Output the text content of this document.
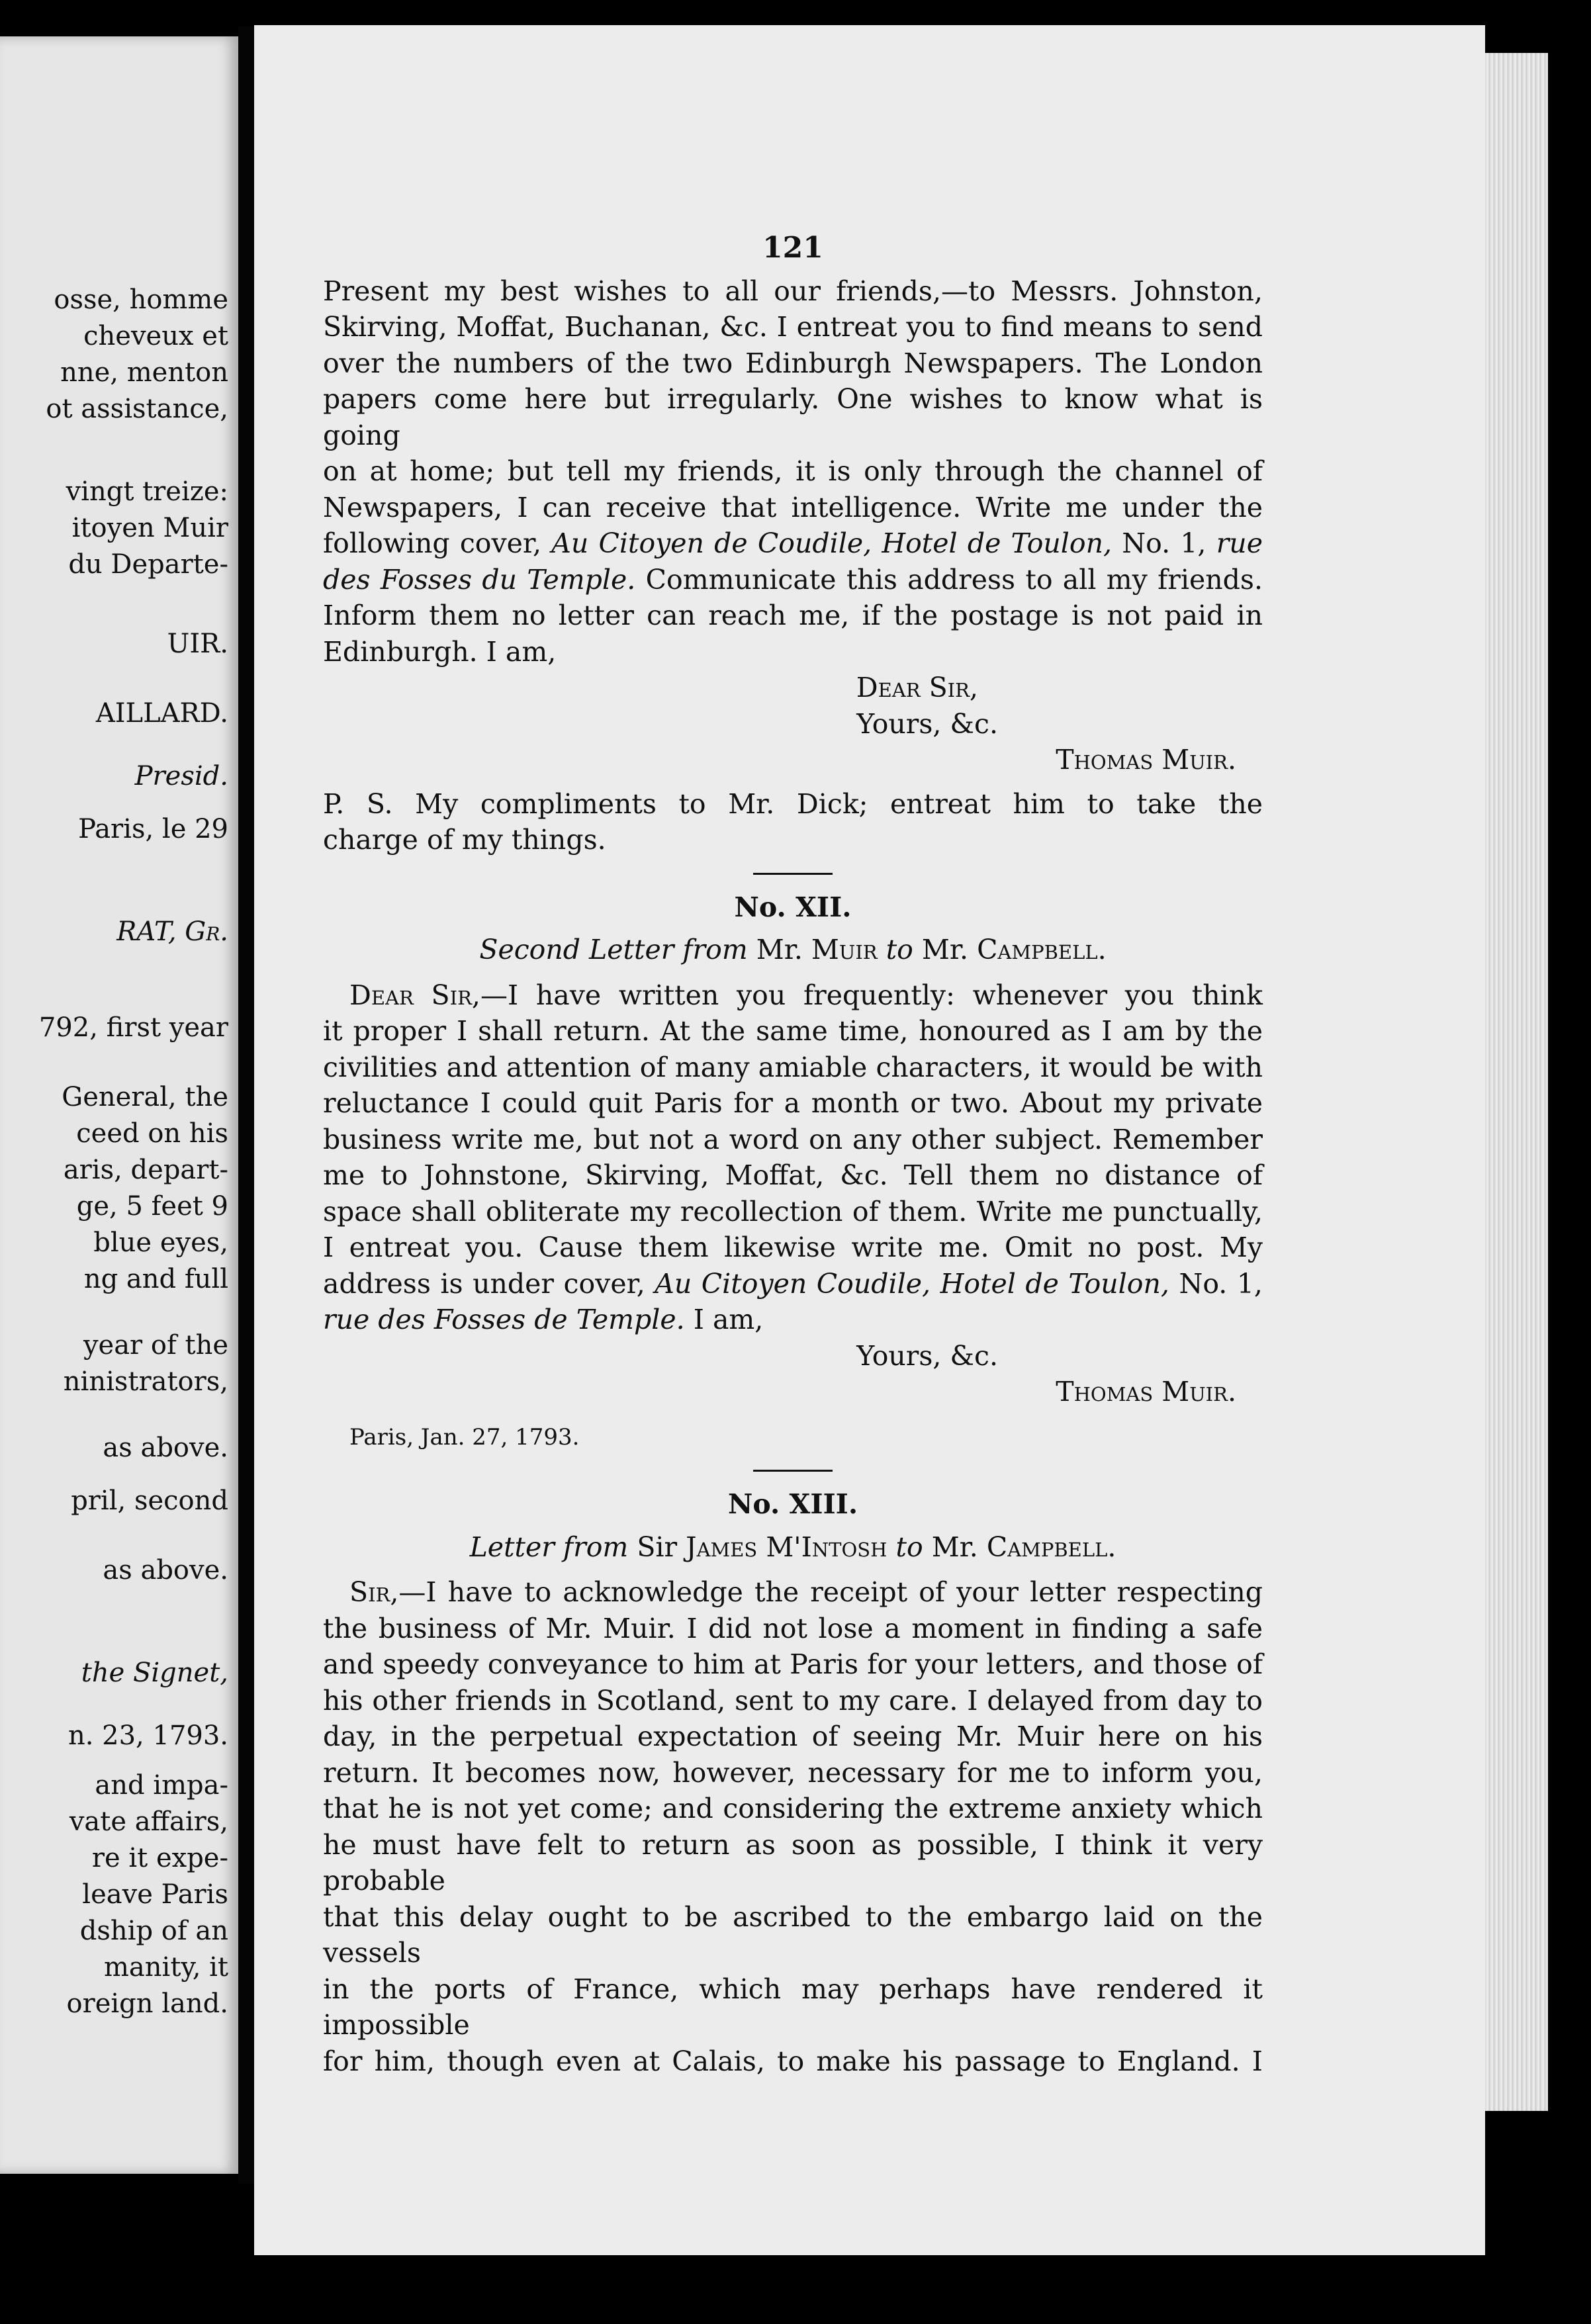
osse, homme
cheveux et
nne, menton
ot assistance,
vingt treize:
itoyen Muir
du Departe-
UIR.
AILLARD.
Presid.
Paris, le 29
RAT, Gr.
792, first year
General, the
ceed on his
aris, depart-
ge, 5 feet 9
blue eyes,
ng and full
year of the
ninistrators,
as above.
pril, second
as above.
the Signet,
n. 23, 1793.
and impa-
vate affairs,
re it expe-
leave Paris
dship of an
manity, it
oreign land.
121
Present my best wishes to all our friends,—to Messrs. Johnston,
Skirving, Moffat, Buchanan, &c. I entreat you to find means to send
over the numbers of the two Edinburgh Newspapers. The London
papers come here but irregularly. One wishes to know what is going
on at home; but tell my friends, it is only through the channel of
Newspapers, I can receive that intelligence. Write me under the
following cover, Au Citoyen de Coudile, Hotel de Toulon, No. 1, rue
des Fosses du Temple. Communicate this address to all my friends.
Inform them no letter can reach me, if the postage is not paid in
Edinburgh. I am,
Dear Sir,
Yours, &c.
Thomas Muir.
P. S. My compliments to Mr. Dick; entreat him to take the
charge of my things.
No. XII.
Second Letter from Mr. Muir to Mr. Campbell.
Dear Sir,—I have written you frequently: whenever you think
it proper I shall return. At the same time, honoured as I am by the
civilities and attention of many amiable characters, it would be with
reluctance I could quit Paris for a month or two. About my private
business write me, but not a word on any other subject. Remember
me to Johnstone, Skirving, Moffat, &c. Tell them no distance of
space shall obliterate my recollection of them. Write me punctually,
I entreat you. Cause them likewise write me. Omit no post. My
address is under cover, Au Citoyen Coudile, Hotel de Toulon, No. 1,
rue des Fosses de Temple. I am,
Yours, &c.
Thomas Muir.
Paris, Jan. 27, 1793.
No. XIII.
Letter from Sir James M'Intosh to Mr. Campbell.
Sir,—I have to acknowledge the receipt of your letter respecting
the business of Mr. Muir. I did not lose a moment in finding a safe
and speedy conveyance to him at Paris for your letters, and those of
his other friends in Scotland, sent to my care. I delayed from day to
day, in the perpetual expectation of seeing Mr. Muir here on his
return. It becomes now, however, necessary for me to inform you,
that he is not yet come; and considering the extreme anxiety which
he must have felt to return as soon as possible, I think it very probable
that this delay ought to be ascribed to the embargo laid on the vessels
in the ports of France, which may perhaps have rendered it impossible
for him, though even at Calais, to make his passage to England. I
